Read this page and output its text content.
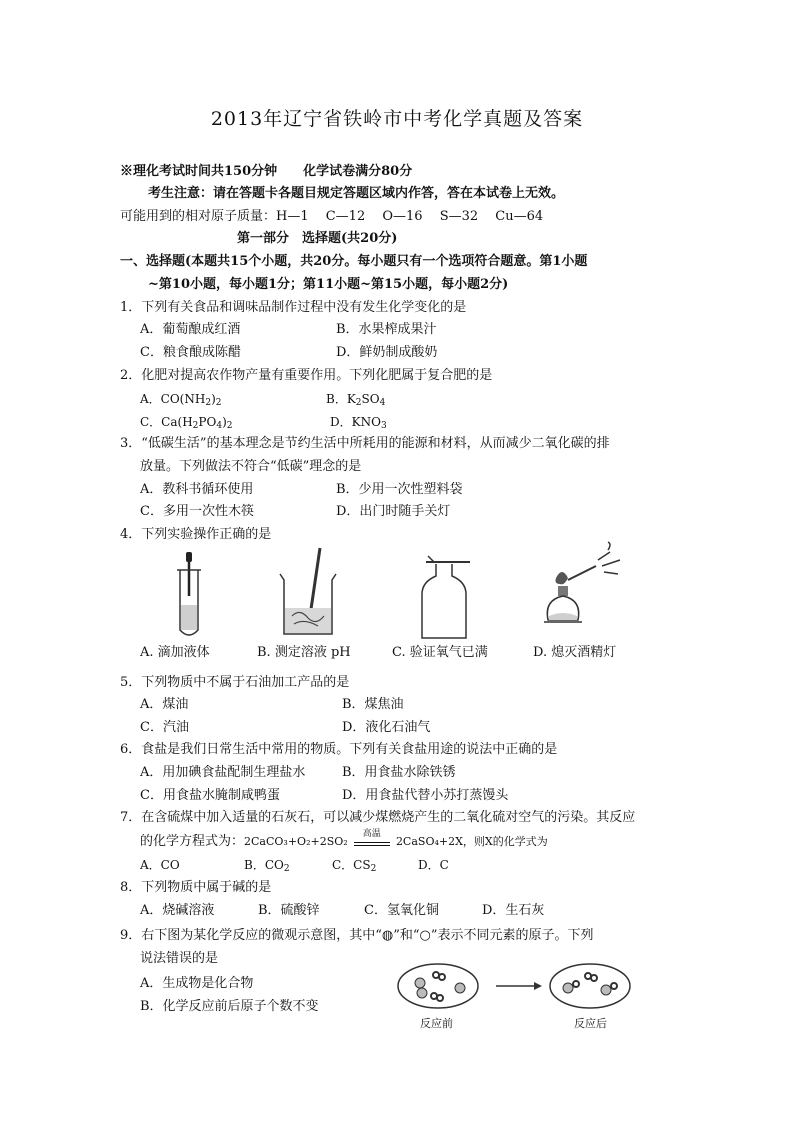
2013年辽宁省铁岭市中考化学真题及答案
※理化考试时间共150分钟　　化学试卷满分80分
考生注意：请在答题卡各题目规定答题区域内作答，答在本试卷上无效。
可能用到的相对原子质量：H—1　 C—12　 O—16　 S—32　 Cu—64
第一部分　选择题(共20分)
一、选择题(本题共15个小题，共20分。每小题只有一个选项符合题意。第1小题
~第10小题，每小题1分；第11小题~第15小题，每小题2分)
1．下列有关食品和调味品制作过程中没有发生化学变化的是
A．葡萄酿成红酒	B．水果榨成果汁
C．粮食酿成陈醋	D．鲜奶制成酸奶
2．化肥对提高农作物产量有重要作用。下列化肥属于复合肥的是
A．$CO(NH_2)_2$	B．$K_2SO_4$
C．$Ca(H_2PO_4)_2$	D．$KNO_3$
3．“低碳生活”的基本理念是节约生活中所耗用的能源和材料，从而减少二氧化碳的排
放量。下列做法不符合“低碳”理念的是
A．教科书循环使用	B．少用一次性塑料袋
C．多用一次性木筷	D．出门时随手关灯
4．下列实验操作正确的是
A. 滴加液体	B. 测定溶液 pH	C. 验证氧气已满	D. 熄灭酒精灯
5．下列物质中不属于石油加工产品的是
A．煤油	B．煤焦油
C．汽油	D．液化石油气
6．食盐是我们日常生活中常用的物质。下列有关食盐用途的说法中正确的是
A．用加碘食盐配制生理盐水	B．用食盐水除铁锈
C．用食盐水腌制咸鸭蛋	D．用食盐代替小苏打蒸馒头
7．在含硫煤中加入适量的石灰石，可以减少煤燃烧产生的二氧化硫对空气的污染。其反应
的化学方程式为：2CaCO₃+O₂+2SO₂
高温
2CaSO₄+2X，则X的化学式为
A．CO	B．$CO_2$	C．$CS_2$	D．C
8．下列物质中属于碱的是
A．烧碱溶液	B．硫酸锌	C．氢氧化铜	D．生石灰
9．右下图为某化学反应的微观示意图，其中“◍”和“○”表示不同元素的原子。下列
说法错误的是
A．生成物是化合物
B．化学反应前后原子个数不变
反应前	反应后
